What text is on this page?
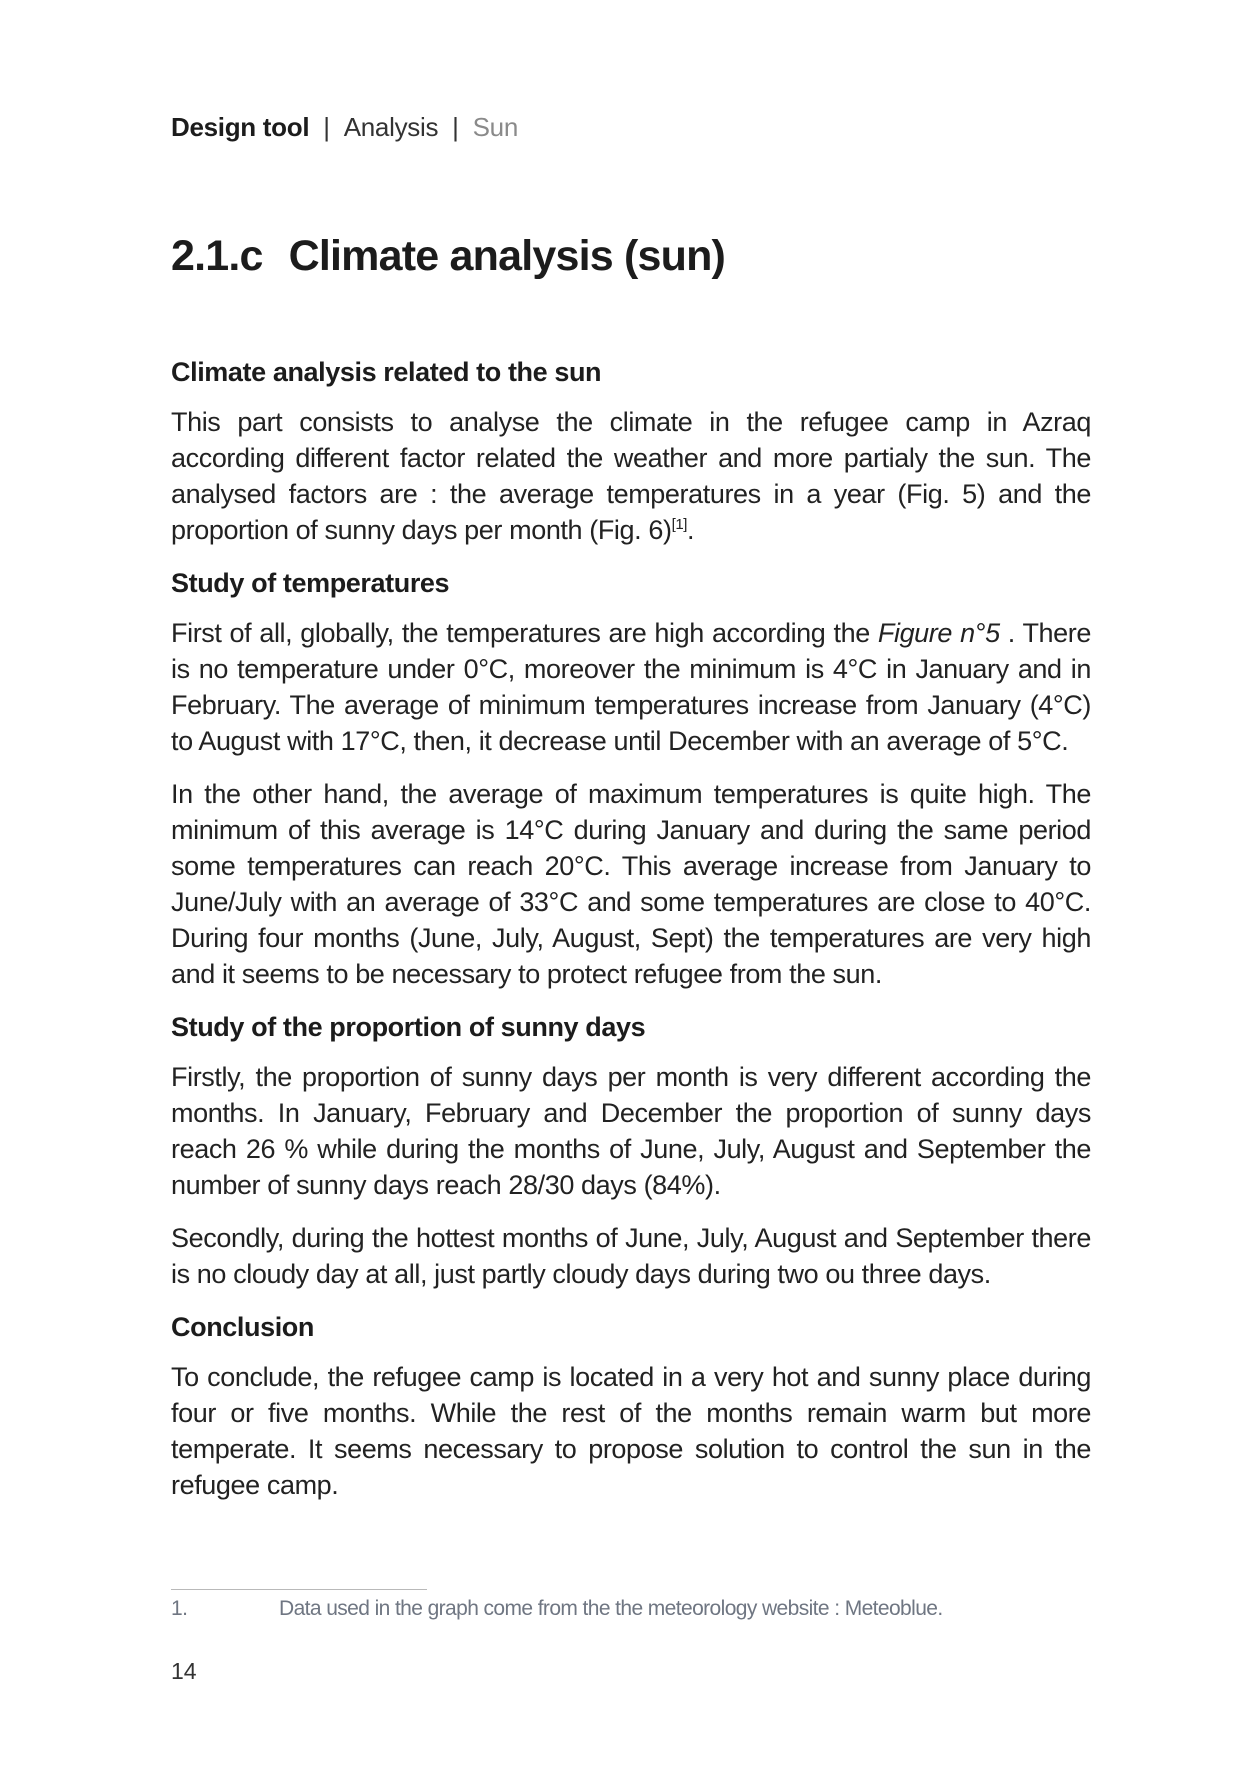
Design tool | Analysis | Sun
2.1.c Climate analysis (sun)
Climate analysis related to the sun

This part consists to analyse the climate in the refugee camp in Azraq according different factor related the weather and more partialy the sun. The analysed factors are : the average temperatures in a year (Fig. 5) and the proportion of sunny days per month (Fig. 6)[1].

Study of temperatures

First of all, globally, the temperatures are high according the Figure n°5 . There is no temperature under 0°C, moreover the minimum is 4°C in January and in February. The average of minimum temperatures increase from January (4°C) to August with 17°C, then, it decrease until December with an average of 5°C.

In the other hand, the average of maximum temperatures is quite high. The minimum of this average is 14°C during January and during the same period some temperatures can reach 20°C. This average increase from January to June/July with an average of 33°C and some temperatures are close to 40°C. During four months (June, July, August, Sept) the temperatures are very high and it seems to be necessary to protect refugee from the sun.

Study of the proportion of sunny days

Firstly, the proportion of sunny days per month is very different according the months. In January, February and December the proportion of sunny days reach 26 % while during the months of June, July, August and September the number of sunny days reach 28/30 days (84%).

Secondly, during the hottest months of June, July, August and September there is no cloudy day at all, just partly cloudy days during two ou three days.

Conclusion

To conclude, the refugee camp is located in a very hot and sunny place during four or five months. While the rest of the months remain warm but more temperate. It seems necessary to propose solution to control the sun in the refugee camp.

1.	Data used in the graph come from the the meteorology website : Meteoblue.
14
